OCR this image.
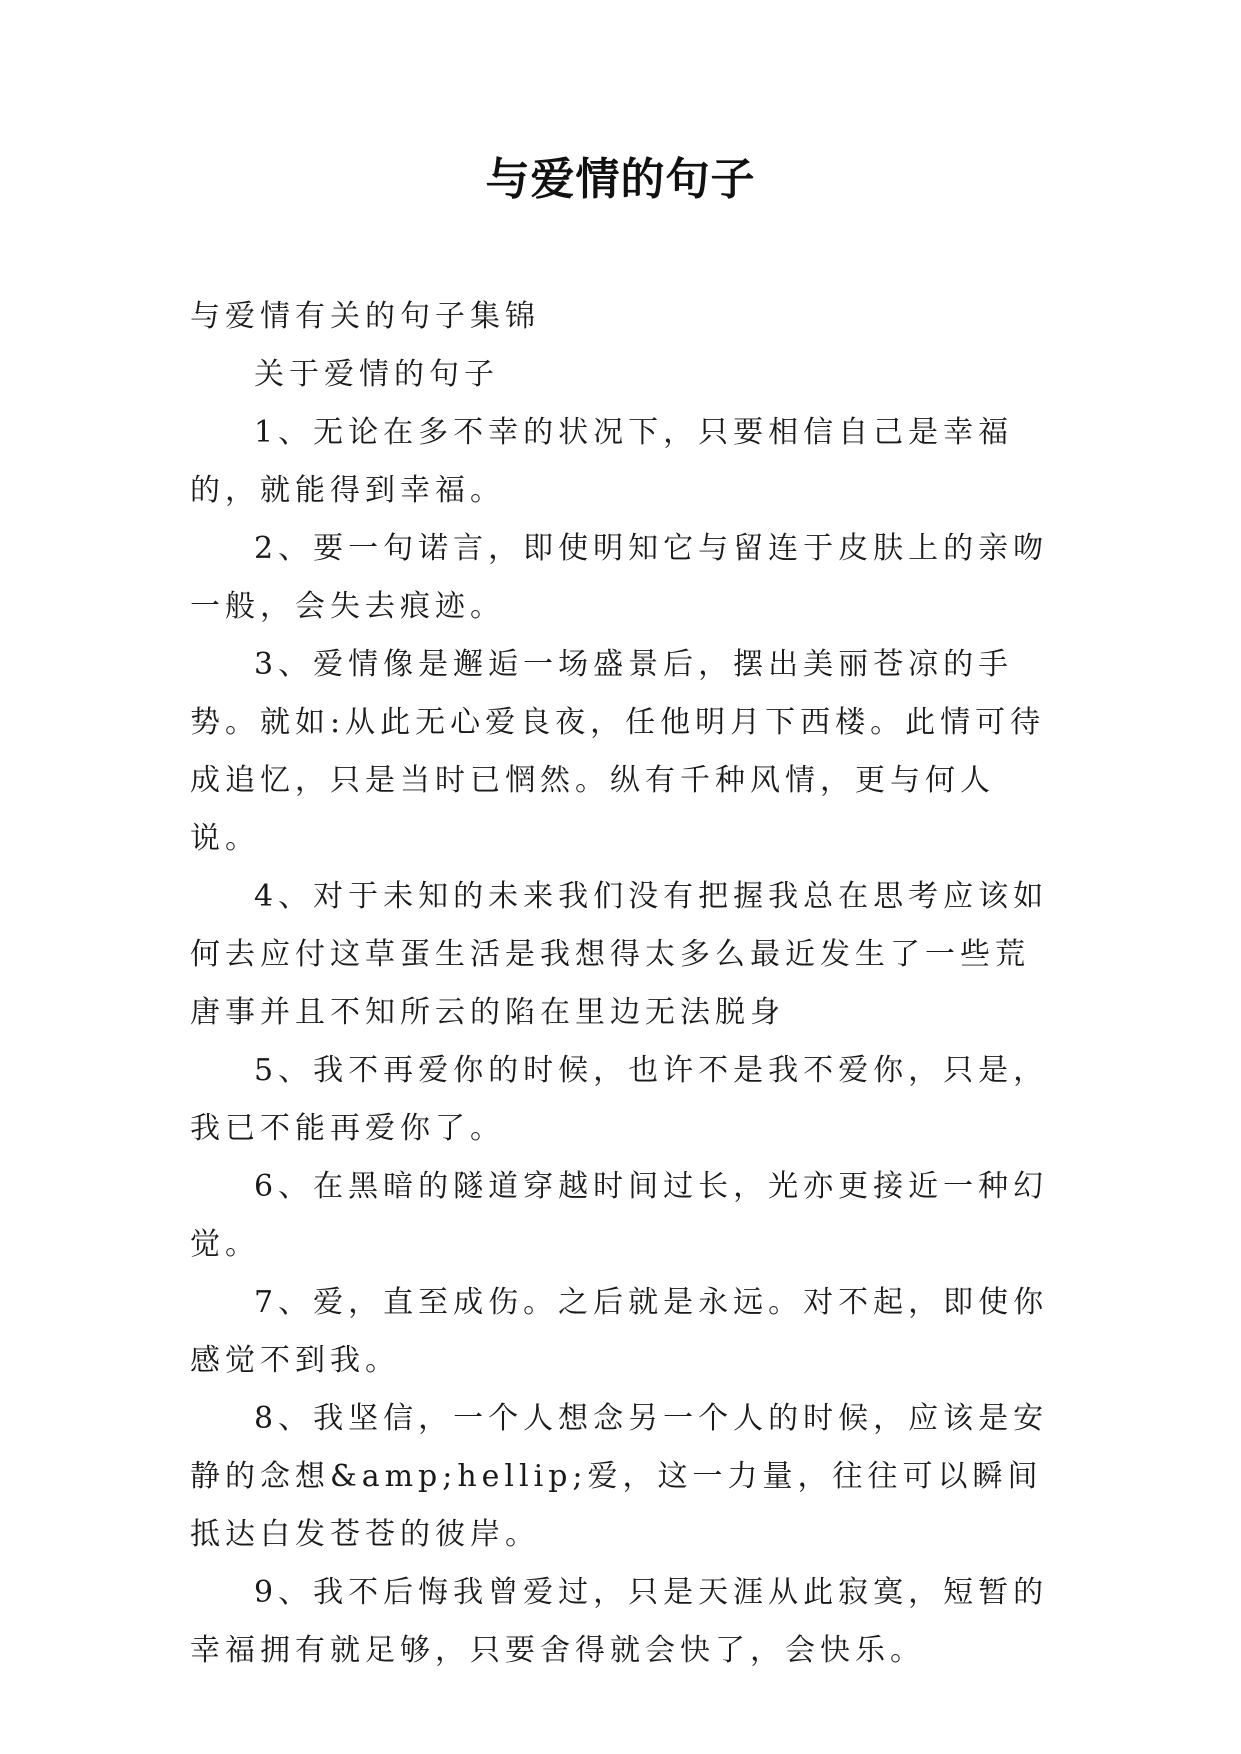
与爱情的句子

与爱情有关的句子集锦

关于爱情的句子

1、无论在多不幸的状况下，只要相信自己是幸福的，就能得到幸福。

2、要一句诺言，即使明知它与留连于皮肤上的亲吻一般，会失去痕迹。

3、爱情像是邂逅一场盛景后，摆出美丽苍凉的手势。就如:从此无心爱良夜，任他明月下西楼。此情可待成追忆，只是当时已惘然。纵有千种风情，更与何人说。

4、对于未知的未来我们没有把握我总在思考应该如何去应付这草蛋生活是我想得太多么最近发生了一些荒唐事并且不知所云的陷在里边无法脱身

5、我不再爱你的时候，也许不是我不爱你，只是，我已不能再爱你了。

6、在黑暗的隧道穿越时间过长，光亦更接近一种幻觉。

7、爱，直至成伤。之后就是永远。对不起，即使你感觉不到我。

8、我坚信，一个人想念另一个人的时候，应该是安静的念想&amp;hellip;爱，这一力量，往往可以瞬间抵达白发苍苍的彼岸。

9、我不后悔我曾爱过，只是天涯从此寂寞，短暂的幸福拥有就足够，只要舍得就会快了，会快乐。
